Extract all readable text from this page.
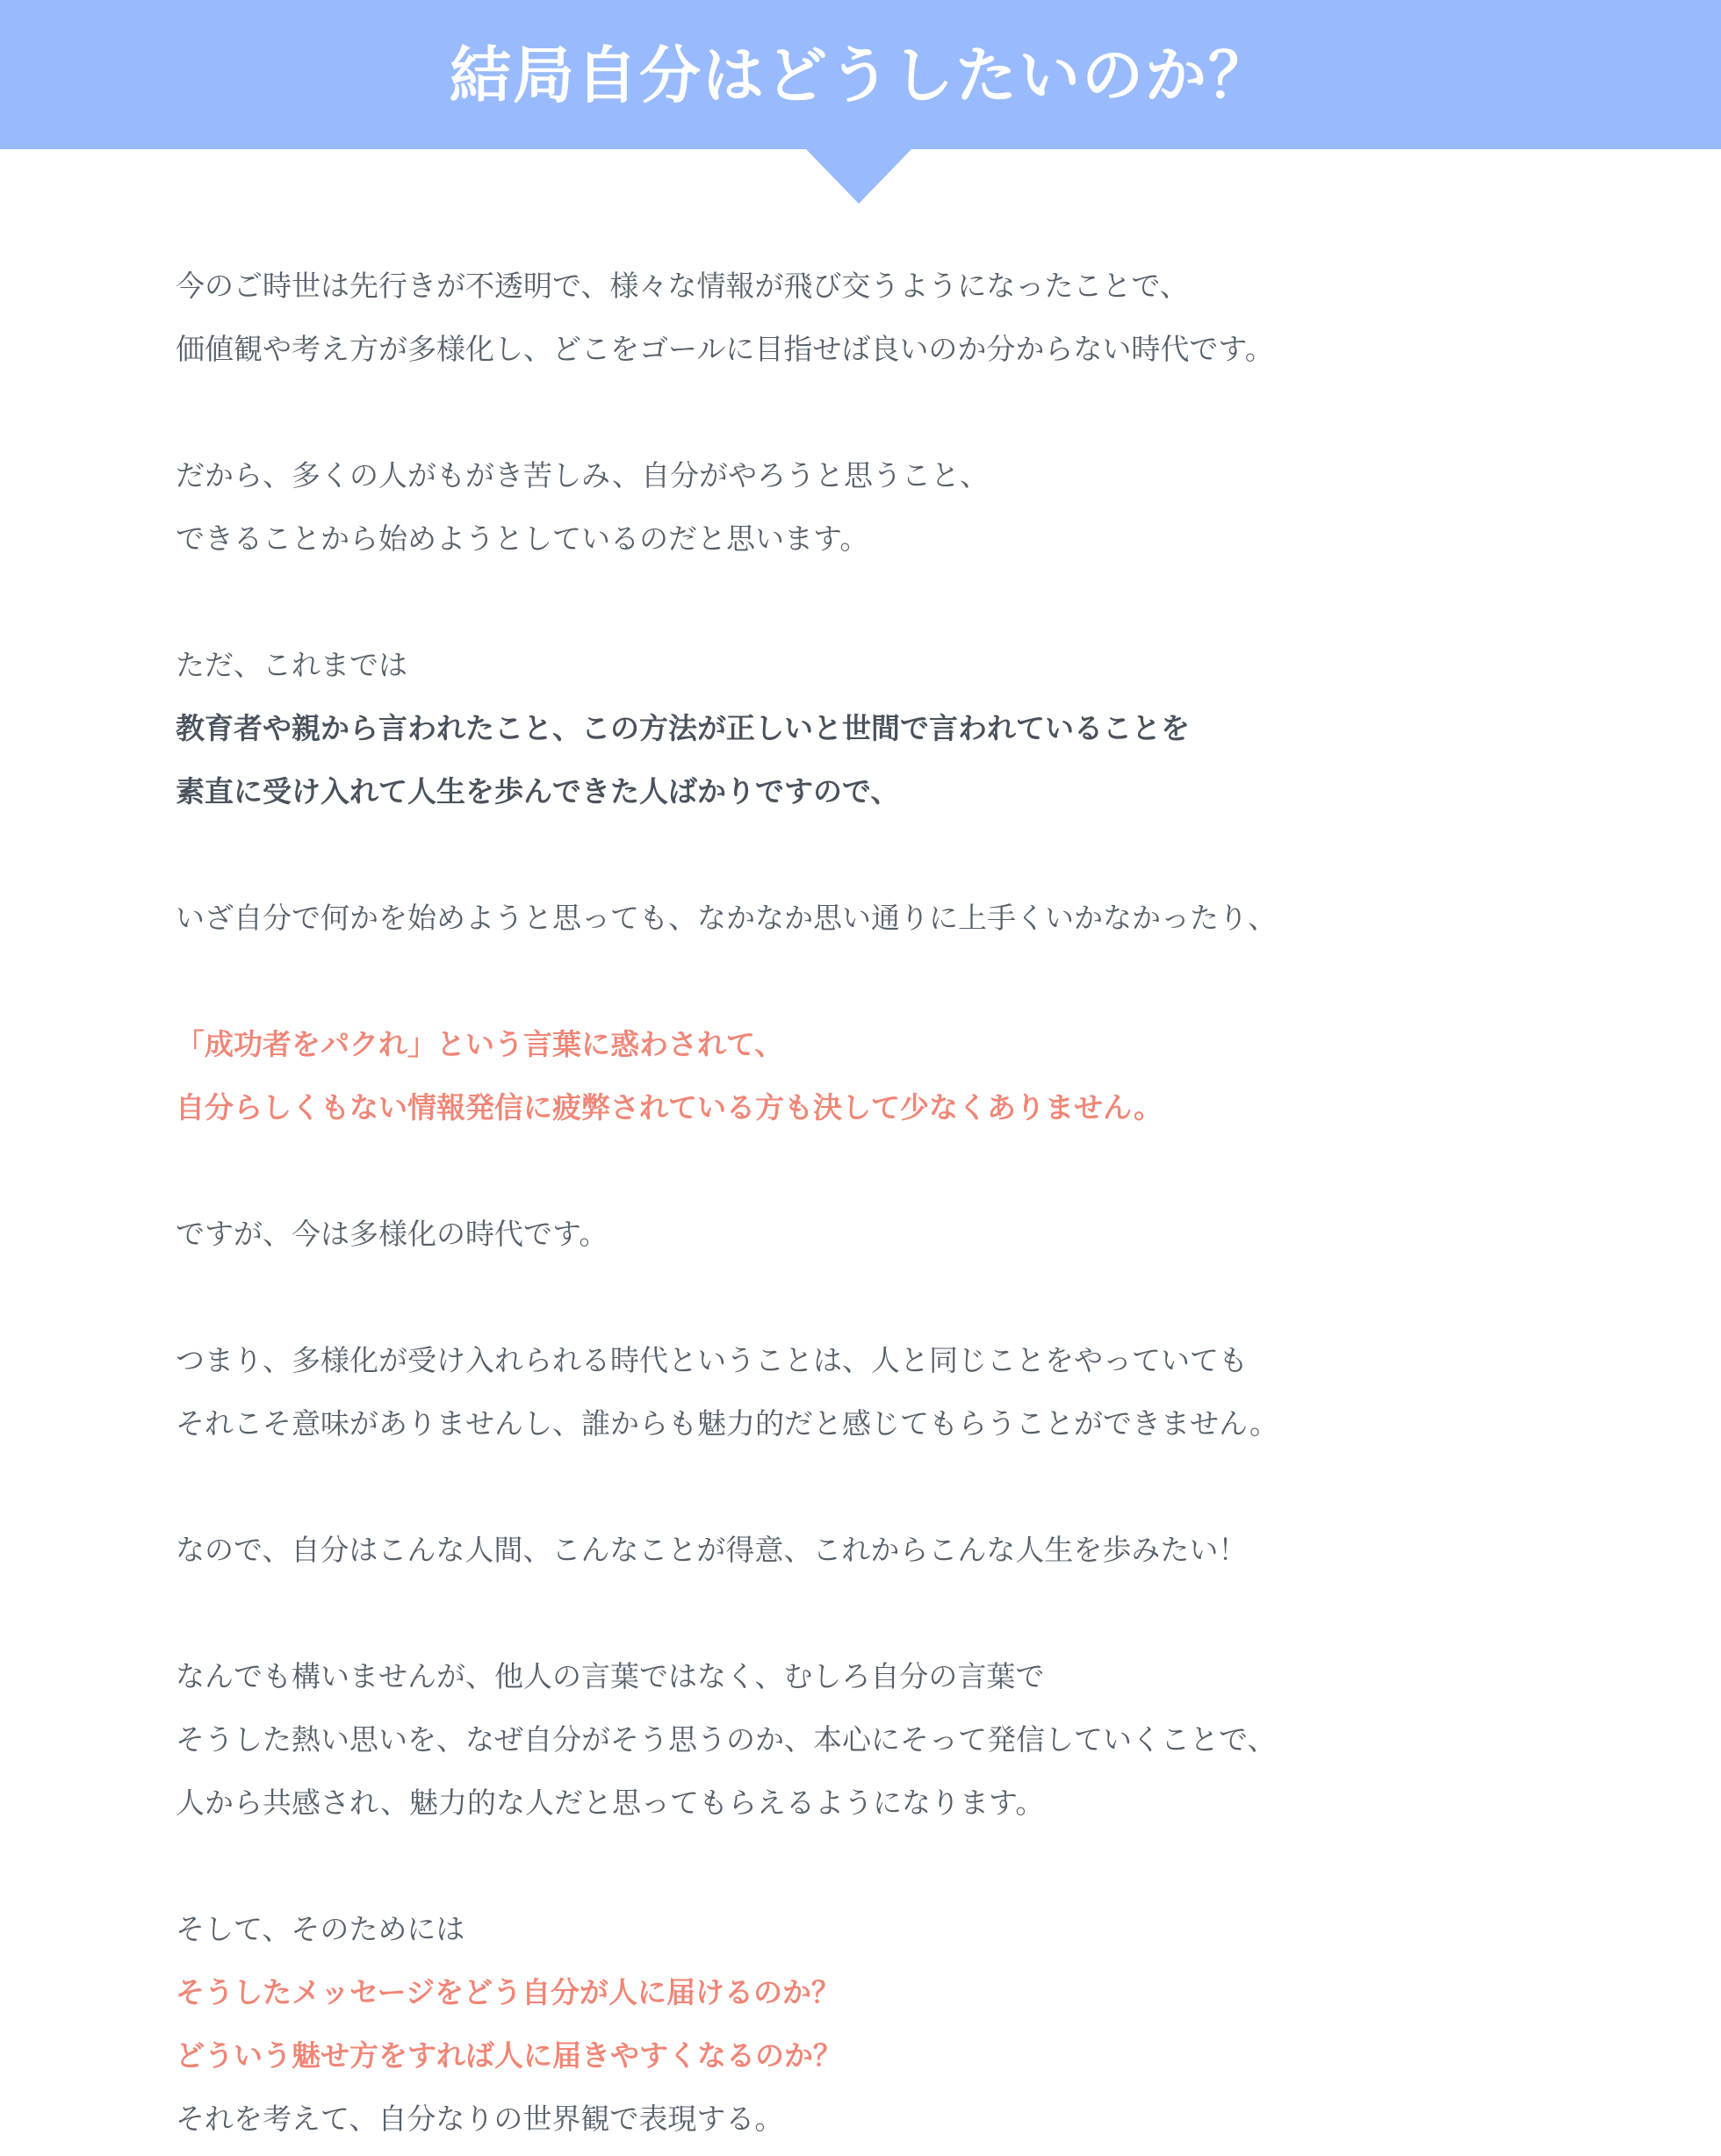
結局自分はどうしたいのか？
今のご時世は先行きが不透明で、様々な情報が飛び交うようになったことで、
価値観や考え方が多様化し、どこをゴールに目指せば良いのか分からない時代です。
だから、多くの人がもがき苦しみ、自分がやろうと思うこと、
できることから始めようとしているのだと思います。
ただ、これまでは
教育者や親から言われたこと、この方法が正しいと世間で言われていることを
素直に受け入れて人生を歩んできた人ばかりですので、
いざ自分で何かを始めようと思っても、なかなか思い通りに上手くいかなかったり、
「成功者をパクれ」という言葉に惑わされて、
自分らしくもない情報発信に疲弊されている方も決して少なくありません。
ですが、今は多様化の時代です。
つまり、多様化が受け入れられる時代ということは、人と同じことをやっていても
それこそ意味がありませんし、誰からも魅力的だと感じてもらうことができません。
なので、自分はこんな人間、こんなことが得意、これからこんな人生を歩みたい！
なんでも構いませんが、他人の言葉ではなく、むしろ自分の言葉で
そうした熱い思いを、なぜ自分がそう思うのか、本心にそって発信していくことで、
人から共感され、魅力的な人だと思ってもらえるようになります。
そして、そのためには
そうしたメッセージをどう自分が人に届けるのか？
どういう魅せ方をすれば人に届きやすくなるのか？
それを考えて、自分なりの世界観で表現する。
